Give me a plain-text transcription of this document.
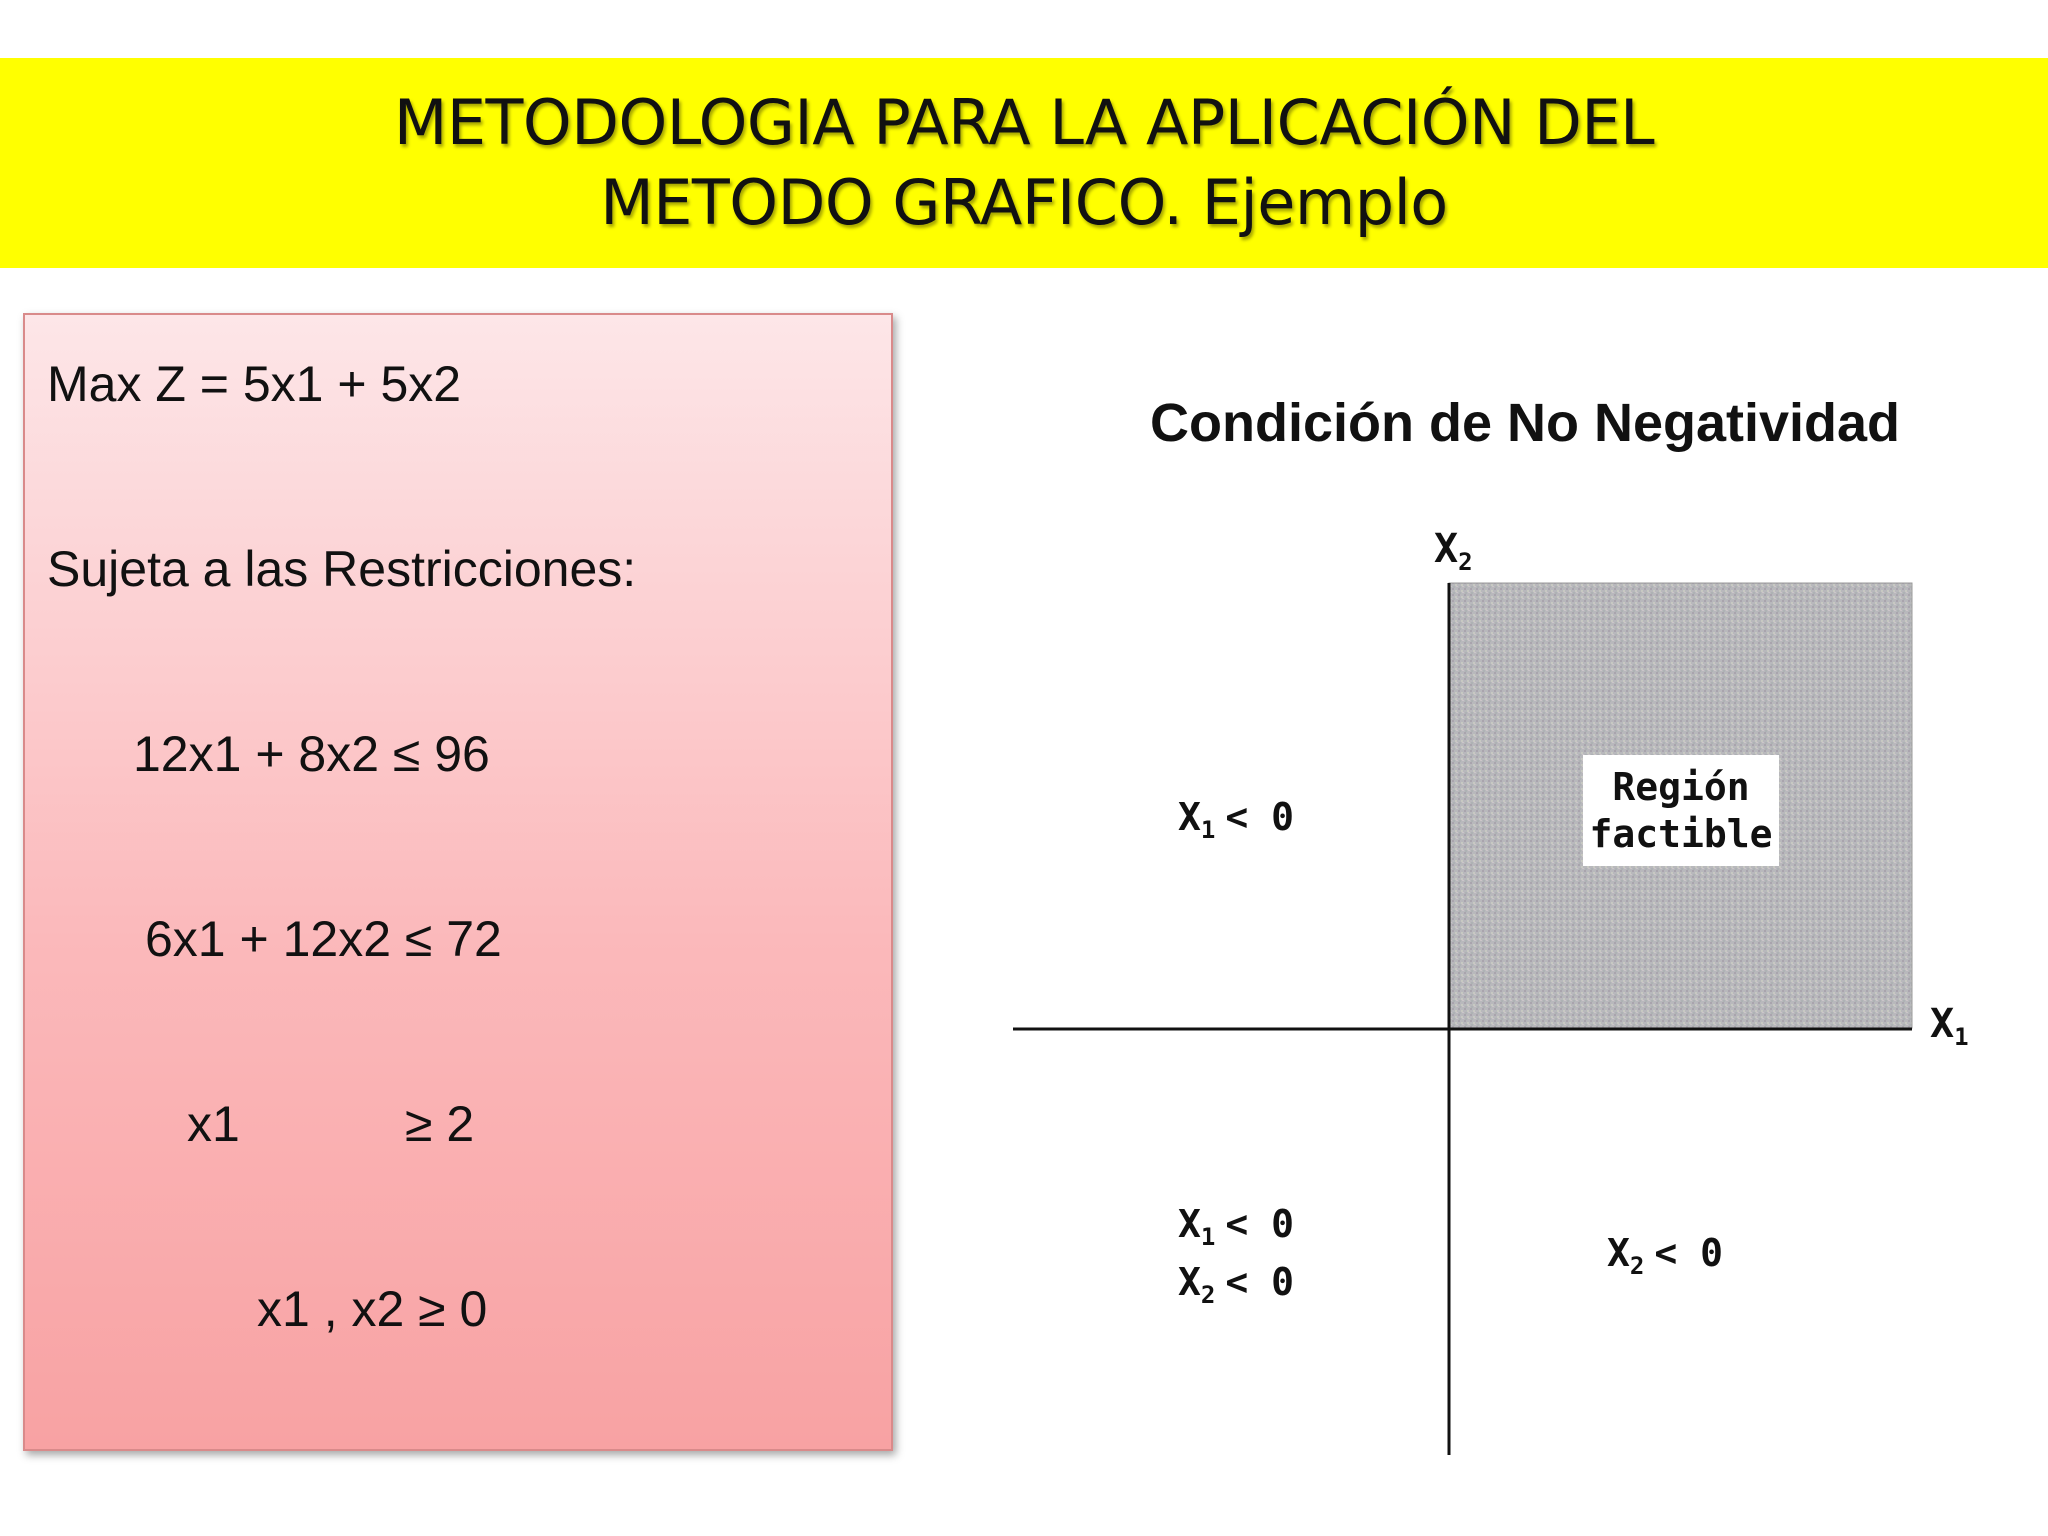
METODOLOGIA PARA LA APLICACIÓN DEL
METODO GRAFICO. Ejemplo
Max Z = 5x1 + 5x2
Sujeta a las Restricciones:
12x1 + 8x2 ≤ 96
6x1 + 12x2 ≤ 72
x1	≥ 2
x1 , x2 ≥ 0
Condición de No Negatividad
Región
factible
$X_2$
$X_1$
$X_1 < 0$
$X_1 < 0$
$X_2 < 0$
$X_2 < 0$
